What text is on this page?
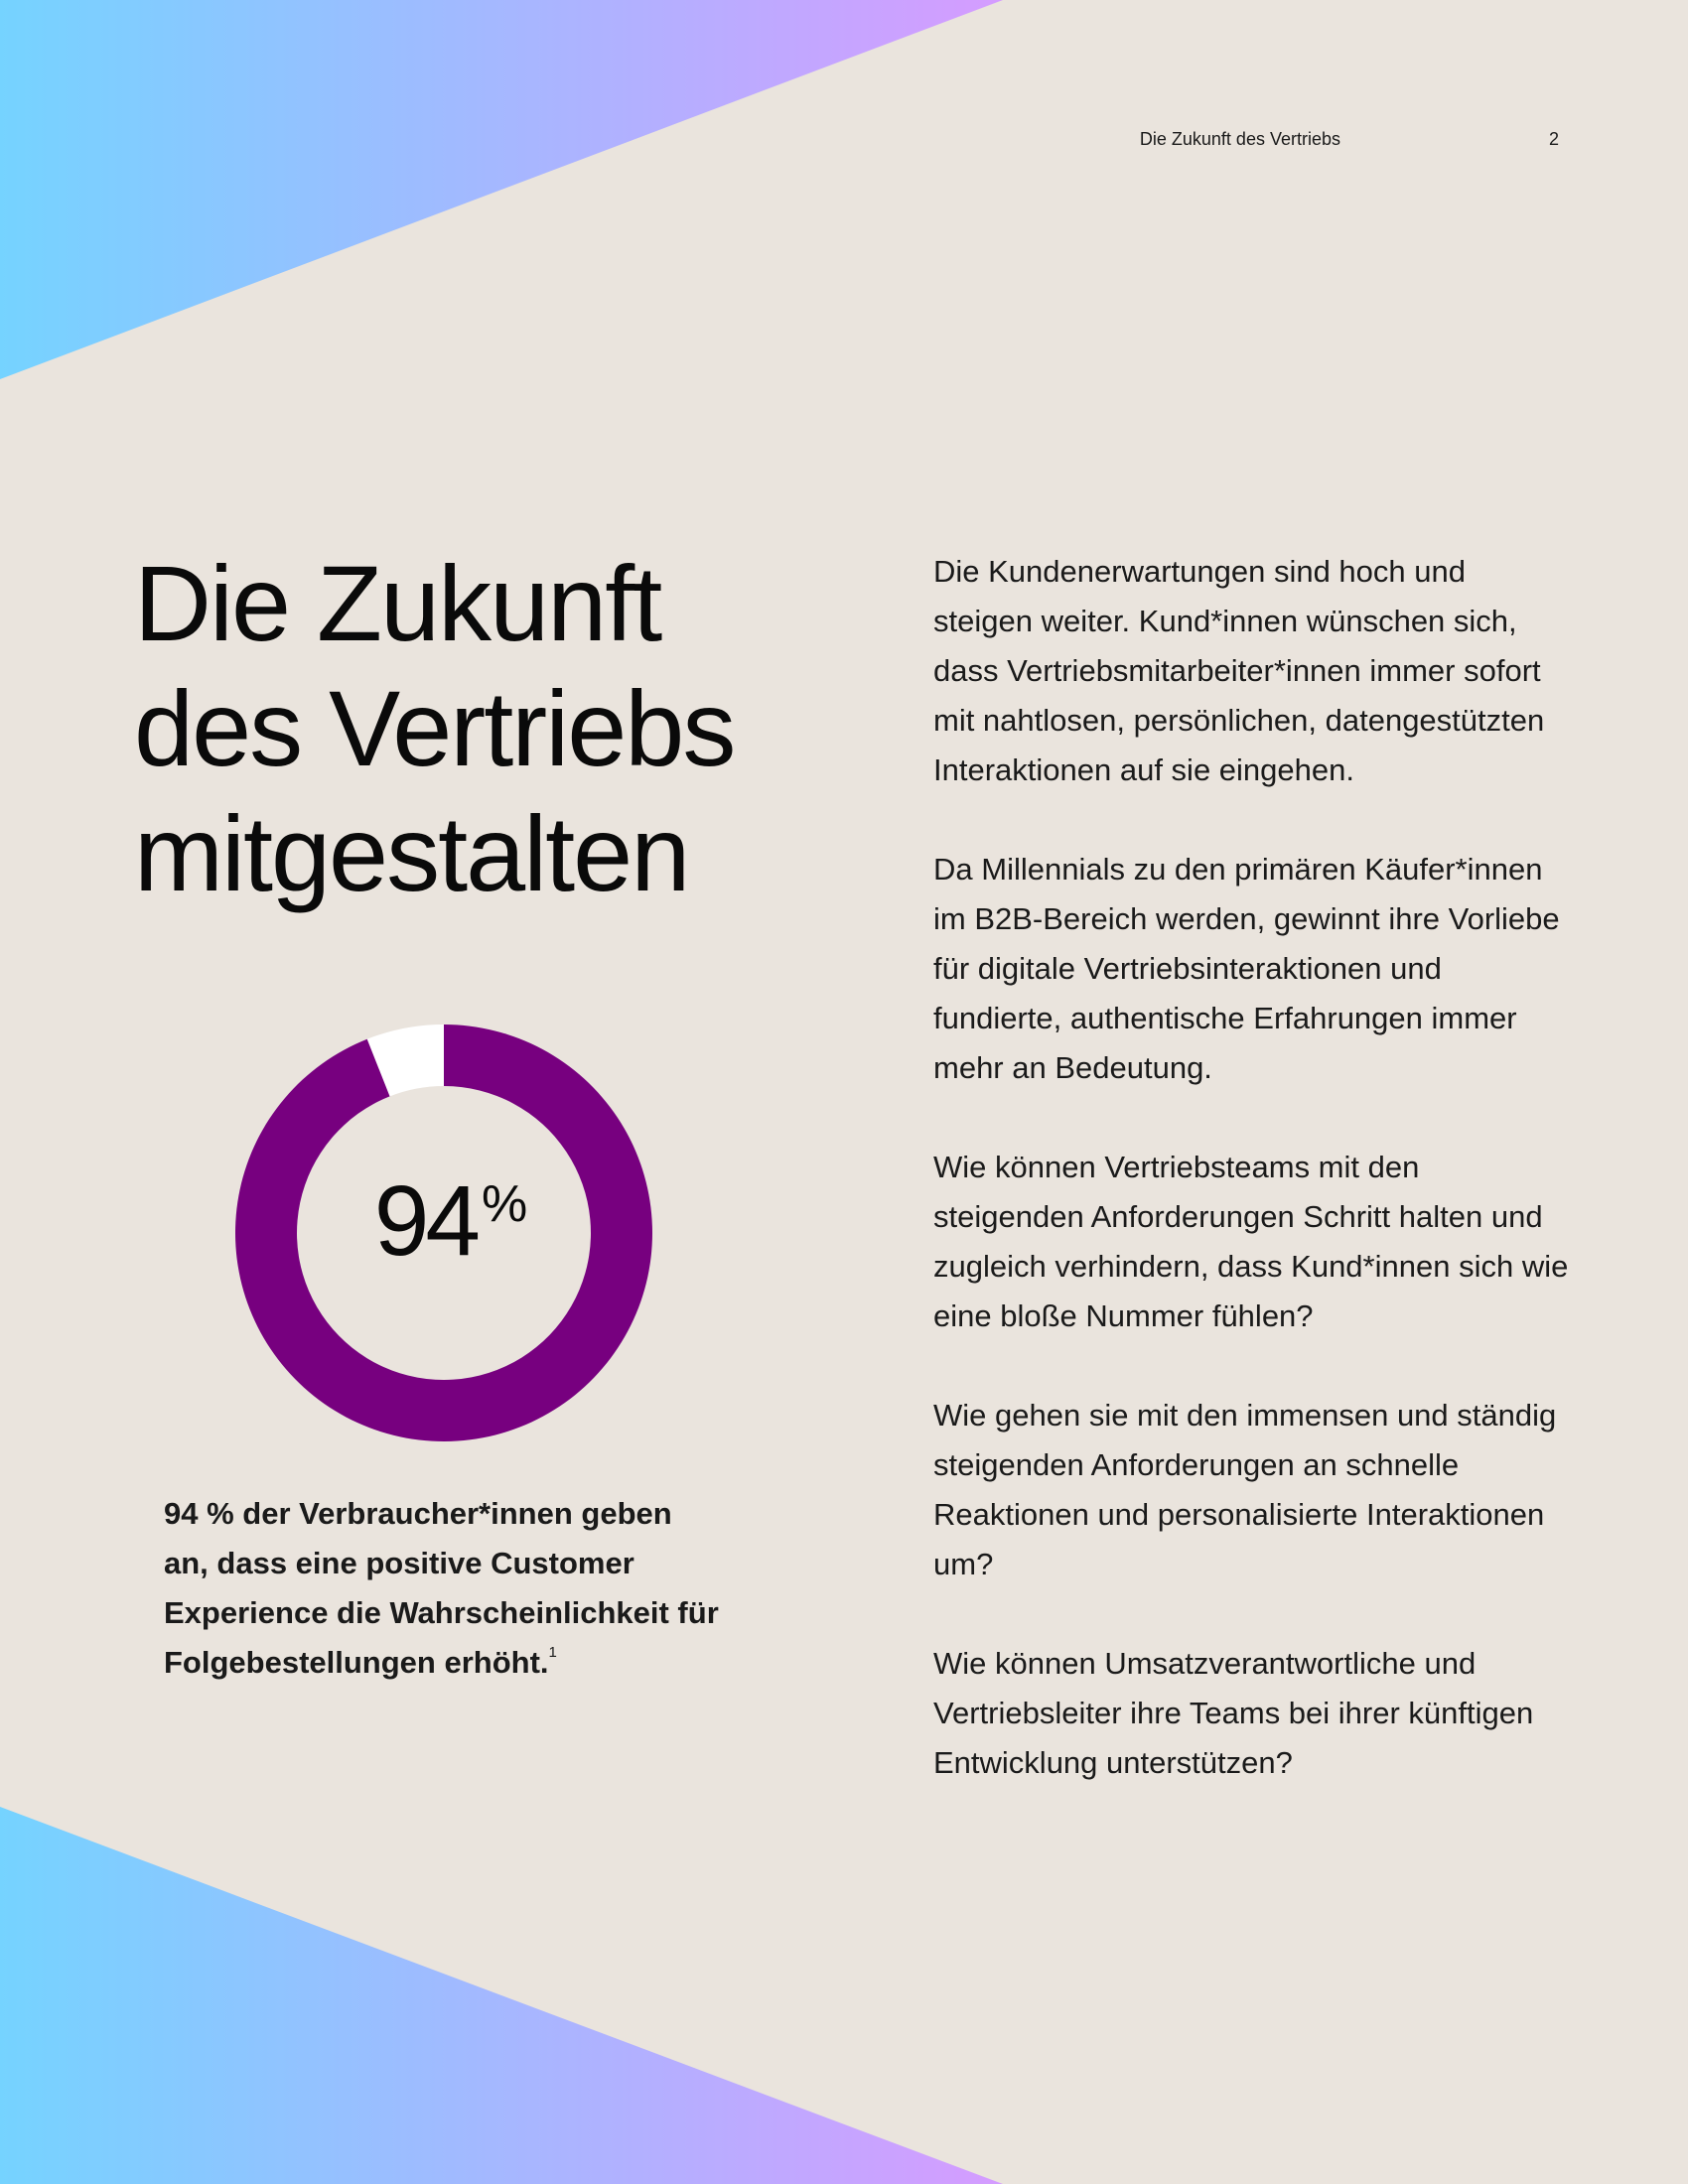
Die Zukunft des Vertriebs	2
Die Zukunft
des Vertriebs
mitgestalten
94 %

94 % der Verbraucher*innen geben an, dass eine positive Customer Experience die Wahrscheinlichkeit für Folgebestellungen erhöht.$^1$

Die Kundenerwartungen sind hoch und steigen weiter. Kund*innen wünschen sich, dass Vertriebsmitarbeiter*innen immer sofort mit nahtlosen, persönlichen, datengestützten Interaktionen auf sie eingehen.

Da Millennials zu den primären Käufer*innen im B2B-Bereich werden, gewinnt ihre Vorliebe für digitale Vertriebsinteraktionen und fundierte, authentische Erfahrungen immer mehr an Bedeutung.

Wie können Vertriebsteams mit den steigenden Anforderungen Schritt halten und zugleich verhindern, dass Kund*innen sich wie eine bloße Nummer fühlen?

Wie gehen sie mit den immensen und ständig steigenden Anforderungen an schnelle Reaktionen und personalisierte Interaktionen um?

Wie können Umsatzverantwortliche und Vertriebsleiter ihre Teams bei ihrer künftigen Entwicklung unterstützen?
